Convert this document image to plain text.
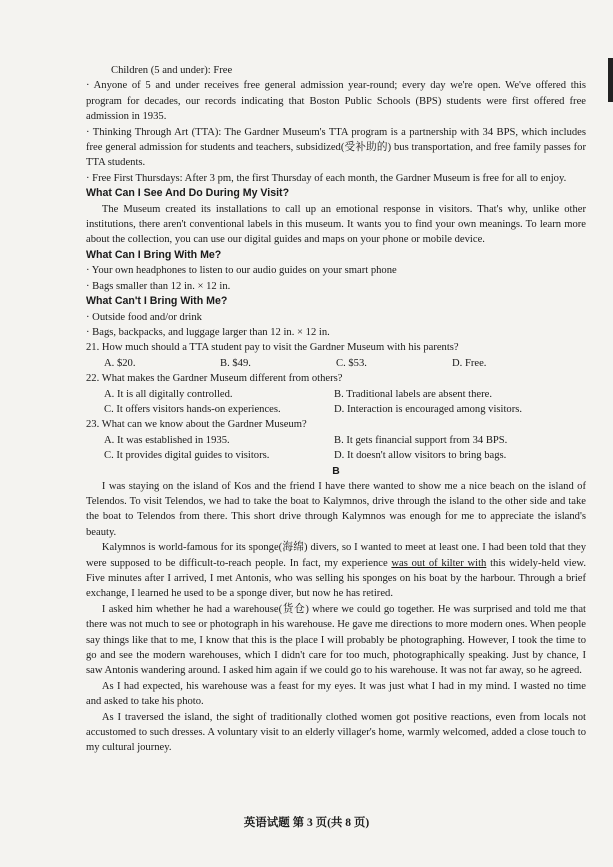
Children (5 and under): Free

· Anyone of 5 and under receives free general admission year-round; every day we're open. We've offered this program for decades, our records indicating that Boston Public Schools (BPS) students were first offered free admission in 1935.

· Thinking Through Art (TTA): The Gardner Museum's TTA program is a partnership with 34 BPS, which includes free general admission for students and teachers, subsidized(受补助的) bus transportation, and free family passes for TTA students.

· Free First Thursdays: After 3 pm, the first Thursday of each month, the Gardner Museum is free for all to enjoy.

What Can I See And Do During My Visit?

The Museum created its installations to call up an emotional response in visitors. That's why, unlike other institutions, there aren't conventional labels in this museum. It wants you to find your own meanings. To learn more about the collection, you can use our digital guides and maps on your phone or mobile device.

What Can I Bring With Me?
· Your own headphones to listen to our audio guides on your smart phone
· Bags smaller than 12 in. × 12 in.
What Can't I Bring With Me?
· Outside food and/or drink
· Bags, backpacks, and luggage larger than 12 in. × 12 in.
21. How much should a TTA student pay to visit the Gardner Museum with his parents?
A. $20.	B. $49.	C. $53.	D. Free.
22. What makes the Gardner Museum different from others?
A. It is all digitally controlled.	B. Traditional labels are absent there.
C. It offers visitors hands-on experiences.	D. Interaction is encouraged among visitors.
23. What can we know about the Gardner Museum?
A. It was established in 1935.	B. It gets financial support from 34 BPS.
C. It provides digital guides to visitors.	D. It doesn't allow visitors to bring bags.
B

I was staying on the island of Kos and the friend I have there wanted to show me a nice beach on the island of Telendos. To visit Telendos, we had to take the boat to Kalymnos, drive through the island to the other side and take the boat to Telendos from there. This short drive through Kalymnos was enough for me to appreciate the island's beauty.

Kalymnos is world-famous for its sponge(海绵) divers, so I wanted to meet at least one. I had been told that they were supposed to be difficult-to-reach people. In fact, my experience was out of kilter with this widely-held view. Five minutes after I arrived, I met Antonis, who was selling his sponges on his boat by the harbour. Through a brief exchange, I learned he used to be a sponge diver, but now he has retired.

I asked him whether he had a warehouse(货仓) where we could go together. He was surprised and told me that there was not much to see or photograph in his warehouse. He gave me directions to more modern ones. When people say things like that to me, I know that this is the place I will probably be photographing. However, I took the time to go and see the modern warehouses, which I didn't care for too much, photographically speaking. Just by chance, I saw Antonis wandering around. I asked him again if we could go to his warehouse. It was not far away, so he agreed.

As I had expected, his warehouse was a feast for my eyes. It was just what I had in my mind. I wasted no time and asked to take his photo.

As I traversed the island, the sight of traditionally clothed women got positive reactions, even from locals not accustomed to such dresses. A voluntary visit to an elderly villager's home, warmly welcomed, added a close touch to my cultural journey.

英语试题 第 3 页(共 8 页)
